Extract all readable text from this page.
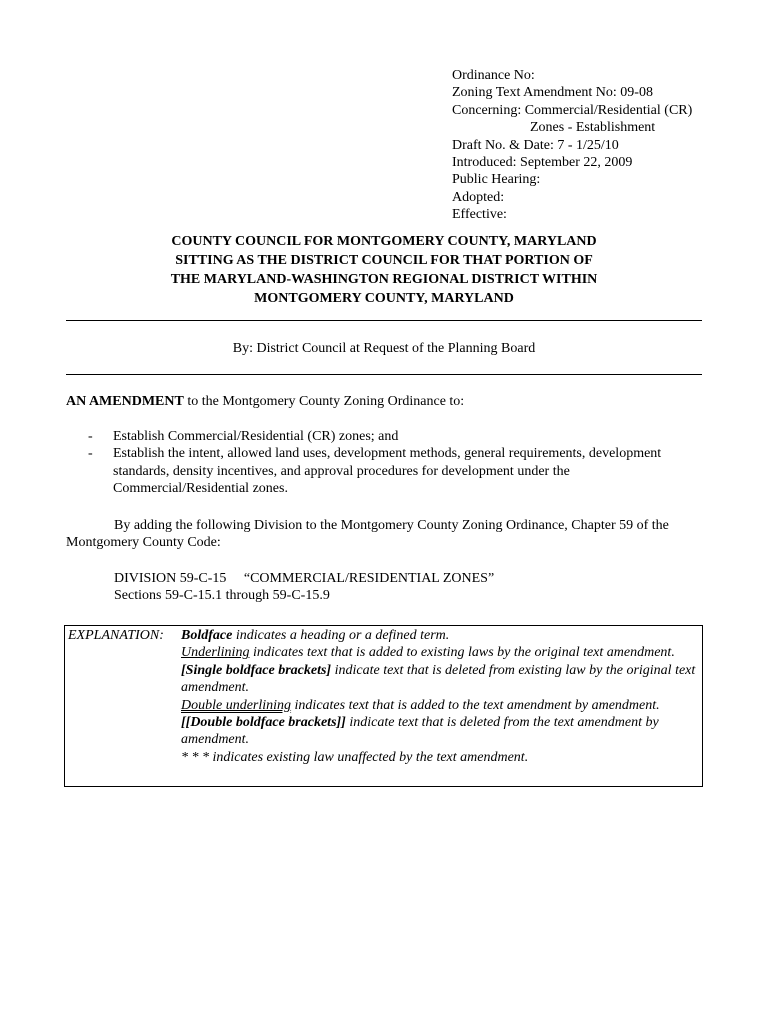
Ordinance No:
Zoning Text Amendment No: 09-08
Concerning: Commercial/Residential (CR)
Zones - Establishment
Draft No. & Date: 7 - 1/25/10
Introduced: September 22, 2009
Public Hearing:
Adopted:
Effective:
COUNTY COUNCIL FOR MONTGOMERY COUNTY, MARYLAND
SITTING AS THE DISTRICT COUNCIL FOR THAT PORTION OF
THE MARYLAND-WASHINGTON REGIONAL DISTRICT WITHIN
MONTGOMERY COUNTY, MARYLAND
By: District Council at Request of the Planning Board
AN AMENDMENT to the Montgomery County Zoning Ordinance to:
- Establish Commercial/Residential (CR) zones; and
- Establish the intent, allowed land uses, development methods, general requirements, development standards, density incentives, and approval procedures for development under the Commercial/Residential zones.
By adding the following Division to the Montgomery County Zoning Ordinance, Chapter 59 of the Montgomery County Code:
DIVISION 59-C-15     “COMMERCIAL/RESIDENTIAL ZONES”
Sections 59-C-15.1 through 59-C-15.9
EXPLANATION: Boldface indicates a heading or a defined term.
Underlining indicates text that is added to existing laws by the original text amendment.
[Single boldface brackets] indicate text that is deleted from existing law by the original text amendment.
Double underlining indicates text that is added to the text amendment by amendment.
[[Double boldface brackets]] indicate text that is deleted from the text amendment by amendment.
* * * indicates existing law unaffected by the text amendment.
